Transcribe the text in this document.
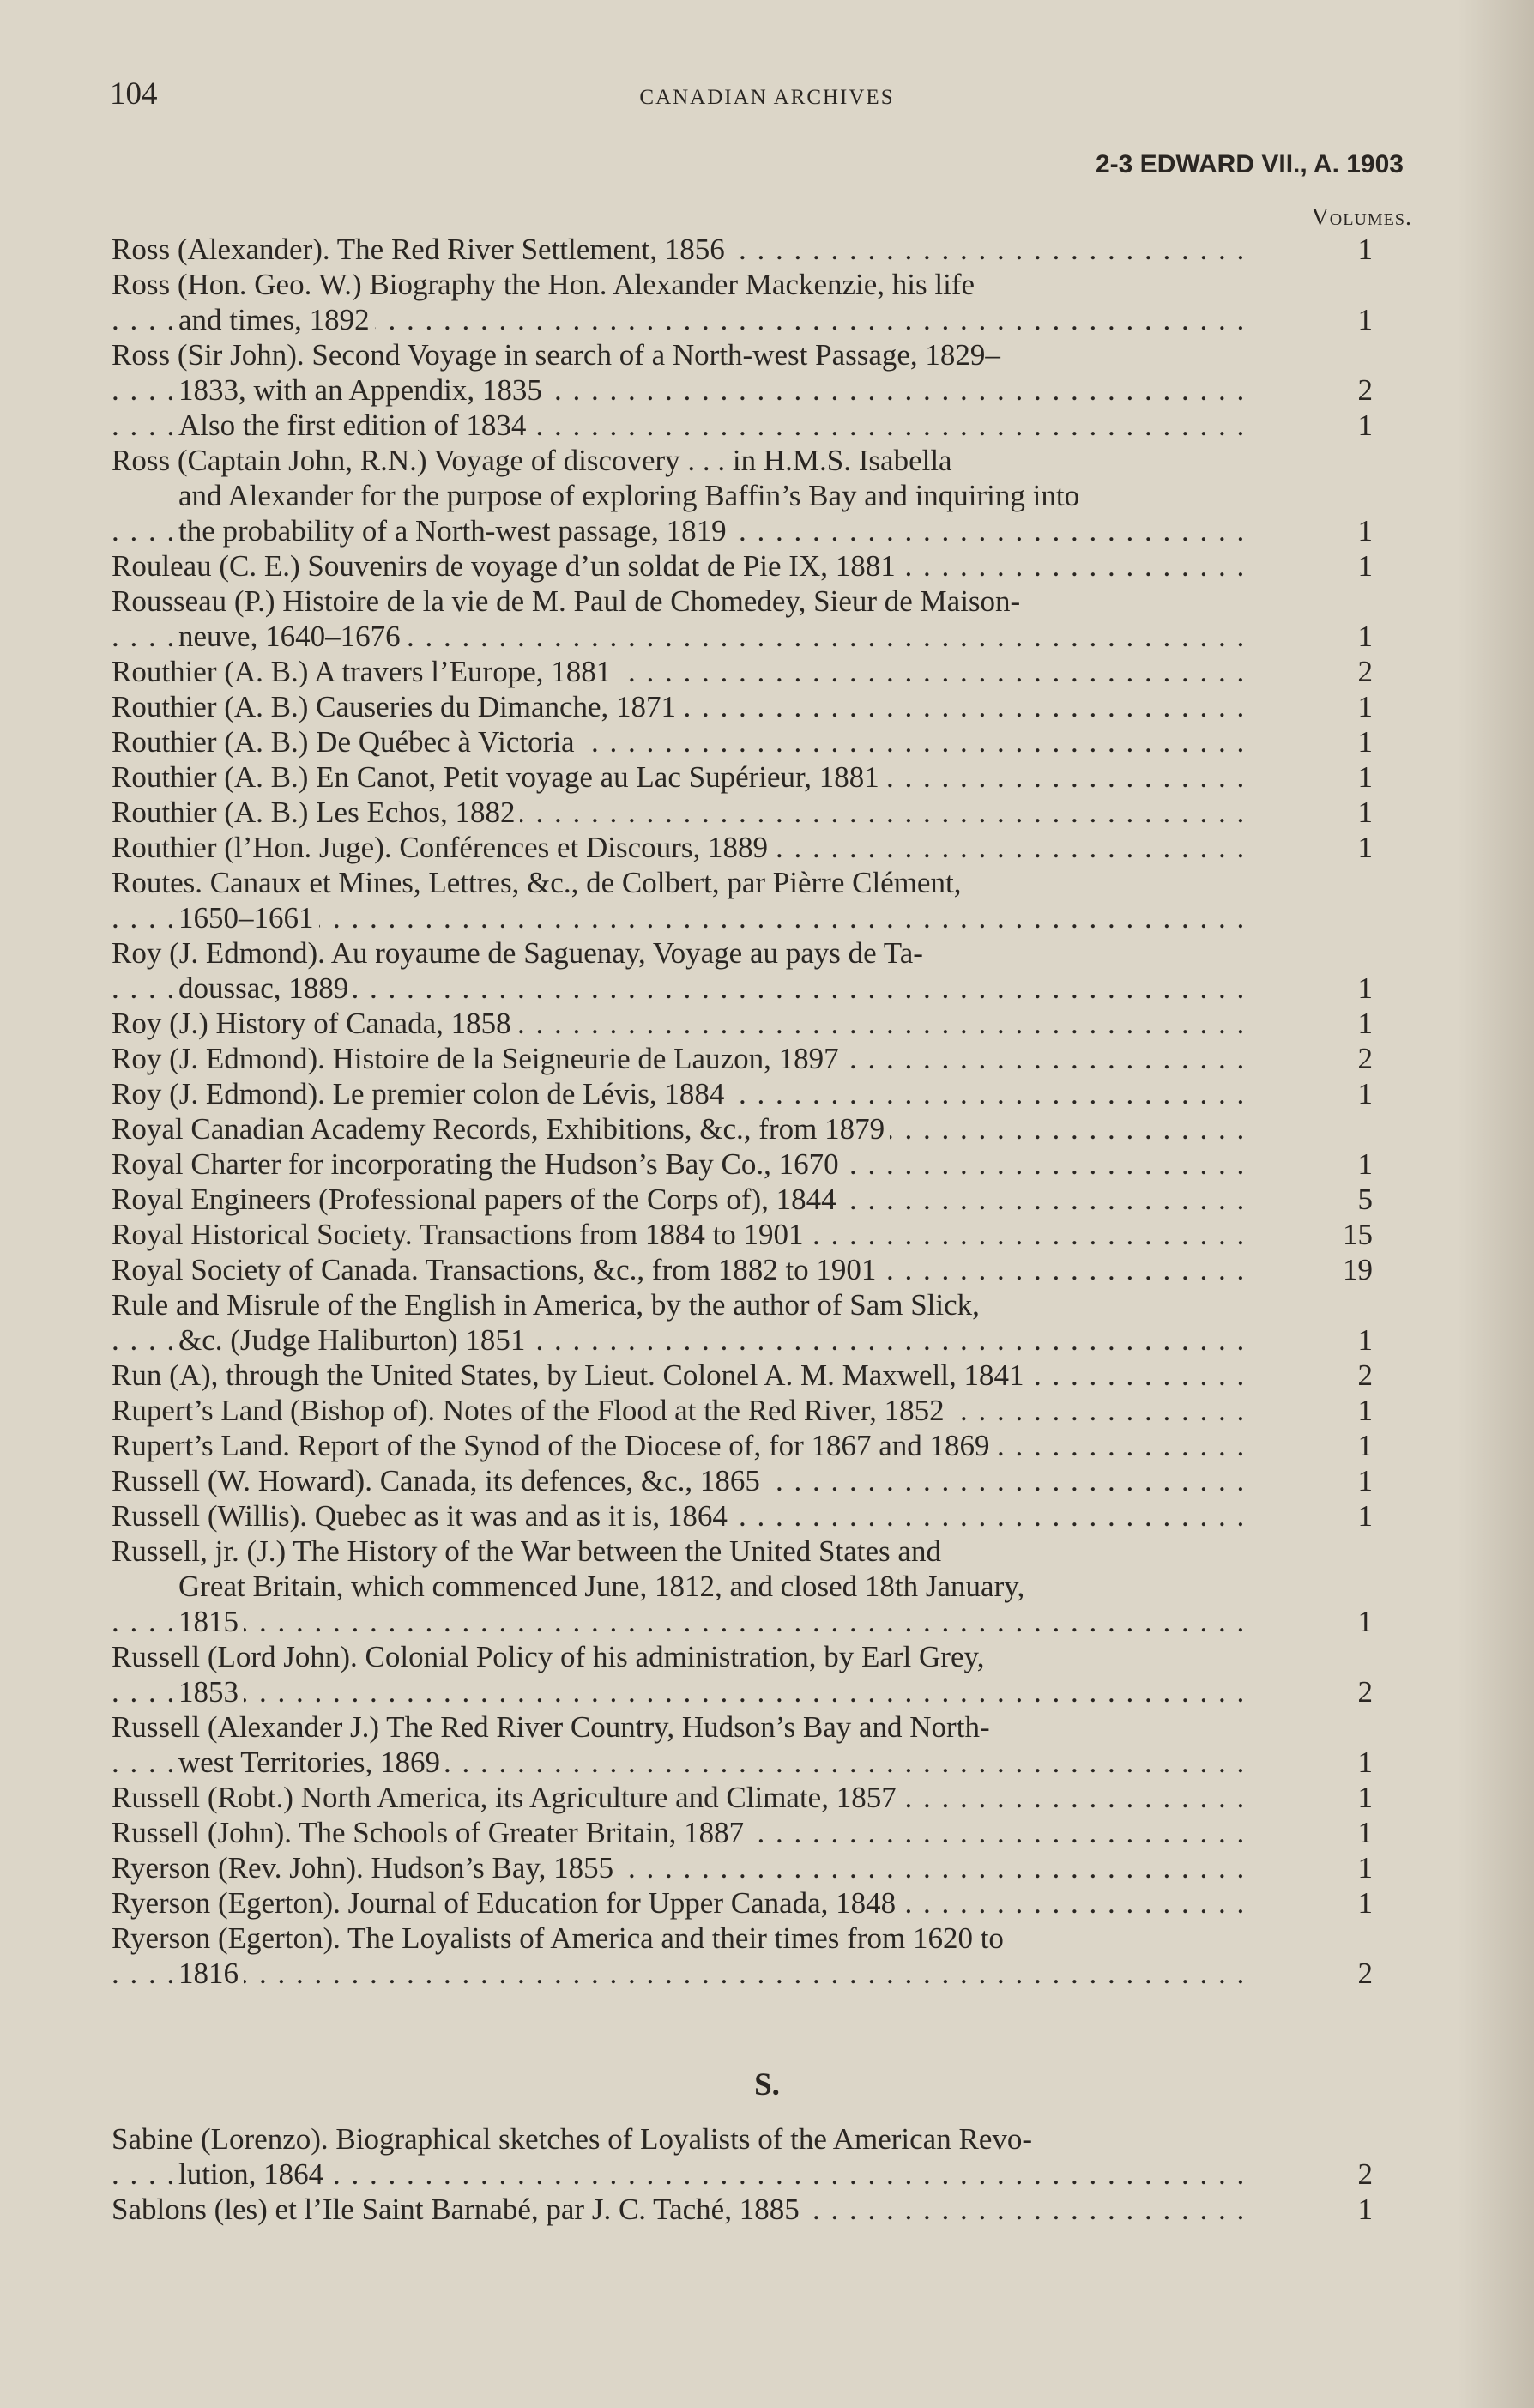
104	CANADIAN ARCHIVES
2-3 EDWARD VII., A. 1903
Volumes.
Ross (Alexander). The Red River Settlement, 1856 . . .	1
Ross (Hon. Geo. W.) Biography the Hon. Alexander Mackenzie, his life
and times, 1892 . . .	1
Ross (Sir John). Second Voyage in search of a North-west Passage, 1829–
1833, with an Appendix, 1835 . . .	2
Also the first edition of 1834 . . .	1
Ross (Captain John, R.N.) Voyage of discovery . . . in H.M.S. Isabella
and Alexander for the purpose of exploring Baffin’s Bay and inquiring into
the probability of a North-west passage, 1819 . . .	1
Rouleau (C. E.) Souvenirs de voyage d’un soldat de Pie IX, 1881 . . .	1
Rousseau (P.) Histoire de la vie de M. Paul de Chomedey, Sieur de Maison-
neuve, 1640–1676 . . .	1
Routhier (A. B.) A travers l’Europe, 1881 . . .	2
Routhier (A. B.) Causeries du Dimanche, 1871 . . .	1
Routhier (A. B.) De Québec à Victoria . . .	1
Routhier (A. B.) En Canot, Petit voyage au Lac Supérieur, 1881 . . .	1
Routhier (A. B.) Les Echos, 1882 . . .	1
Routhier (l’Hon. Juge). Conférences et Discours, 1889 . . .	1
Routes. Canaux et Mines, Lettres, &c., de Colbert, par Pièrre Clément,
1650–1661 . . .
Roy (J. Edmond). Au royaume de Saguenay, Voyage au pays de Ta-
doussac, 1889 . . .	1
Roy (J.) History of Canada, 1858 . . .	1
Roy (J. Edmond). Histoire de la Seigneurie de Lauzon, 1897 . . .	2
Roy (J. Edmond). Le premier colon de Lévis, 1884 . . .	1
Royal Canadian Academy Records, Exhibitions, &c., from 1879 . . .
Royal Charter for incorporating the Hudson’s Bay Co., 1670 . . .	1
Royal Engineers (Professional papers of the Corps of), 1844 . . .	5
Royal Historical Society. Transactions from 1884 to 1901 . . .	15
Royal Society of Canada. Transactions, &c., from 1882 to 1901 . . .	19
Rule and Misrule of the English in America, by the author of Sam Slick,
&c. (Judge Haliburton) 1851 . . .	1
Run (A), through the United States, by Lieut. Colonel A. M. Maxwell, 1841 . . .	2
Rupert’s Land (Bishop of). Notes of the Flood at the Red River, 1852 . . .	1
Rupert’s Land. Report of the Synod of the Diocese of, for 1867 and 1869 . . .	1
Russell (W. Howard). Canada, its defences, &c., 1865 . . .	1
Russell (Willis). Quebec as it was and as it is, 1864 . . .	1
Russell, jr. (J.) The History of the War between the United States and
Great Britain, which commenced June, 1812, and closed 18th January,
1815 . . .	1
Russell (Lord John). Colonial Policy of his administration, by Earl Grey,
1853 . . .	2
Russell (Alexander J.) The Red River Country, Hudson’s Bay and North-
west Territories, 1869 . . .	1
Russell (Robt.) North America, its Agriculture and Climate, 1857 . . .	1
Russell (John). The Schools of Greater Britain, 1887 . . .	1
Ryerson (Rev. John). Hudson’s Bay, 1855 . . .	1
Ryerson (Egerton). Journal of Education for Upper Canada, 1848 . . .	1
Ryerson (Egerton). The Loyalists of America and their times from 1620 to
1816 . . .	2
S.
Sabine (Lorenzo). Biographical sketches of Loyalists of the American Revo-
lution, 1864 . . .	2
Sablons (les) et l’Ile Saint Barnabé, par J. C. Taché, 1885 . . .	1
